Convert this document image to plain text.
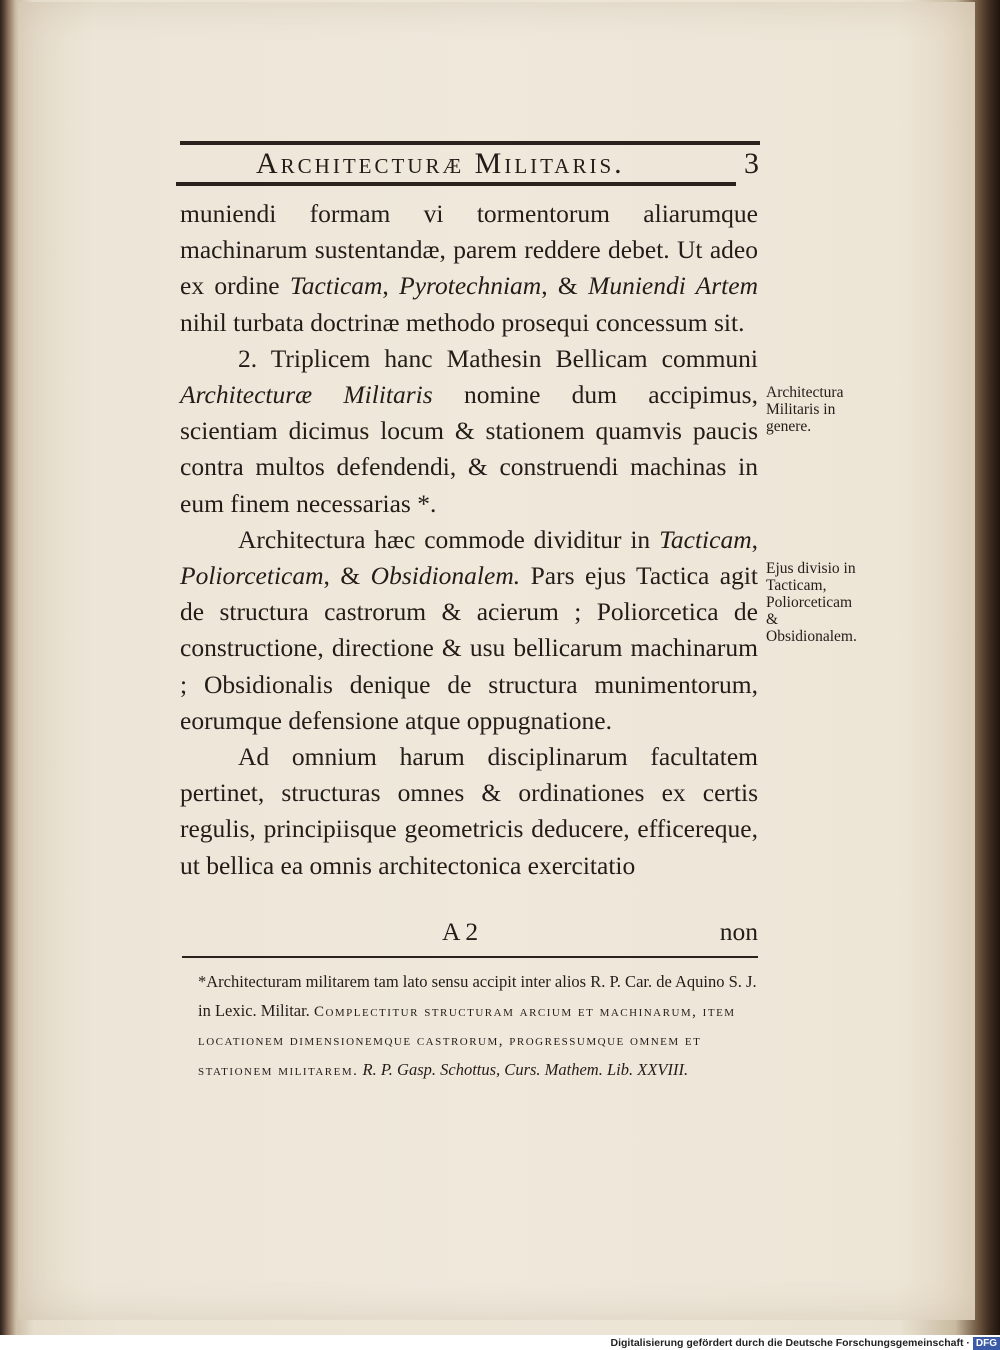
Architecturæ Militaris.	3

muniendi formam vi tormentorum aliarumque machinarum sustentandæ, parem reddere debet. Ut adeo ex ordine Tacticam, Pyrotechniam, & Muniendi Artem nihil turbata doctrinæ methodo prosequi concessum sit.

2. Triplicem hanc Mathesin Bellicam communi Architecturæ Militaris nomine dum accipimus, scientiam dicimus locum & stationem quamvis paucis contra multos defendendi, & construendi machinas in eum finem necessarias *.

Architectura hæc commode dividitur in Tacticam, Poliorceticam, & Obsidionalem. Pars ejus Tactica agit de structura castrorum & acierum ; Poliorcetica de constructione, directione & usu bellicarum machinarum ; Obsidionalis denique de structura munimentorum, eorumque defensione atque oppugnatione.

Ad omnium harum disciplinarum facultatem pertinet, structuras omnes & ordinationes ex certis regulis, principiisque geometricis deducere, efficereque, ut bellica ea omnis architectonica exercitatio

A 2	non
Architectura Militaris in genere.
Ejus divisio in Tacticam, Poliorceticam & Obsidionalem.
*Architecturam militarem tam lato sensu accipit inter alios R. P. Car. de Aquino S. J. in Lexic. Militar. Complectitur structuram arcium et machinarum, item locationem dimensionemque castrorum, progressumque omnem et stationem militarem. R. P. Gasp. Schottus, Curs. Mathem. Lib. XXVIII.
Digitalisierung gefördert durch die Deutsche Forschungsgemeinschaft · DFG
